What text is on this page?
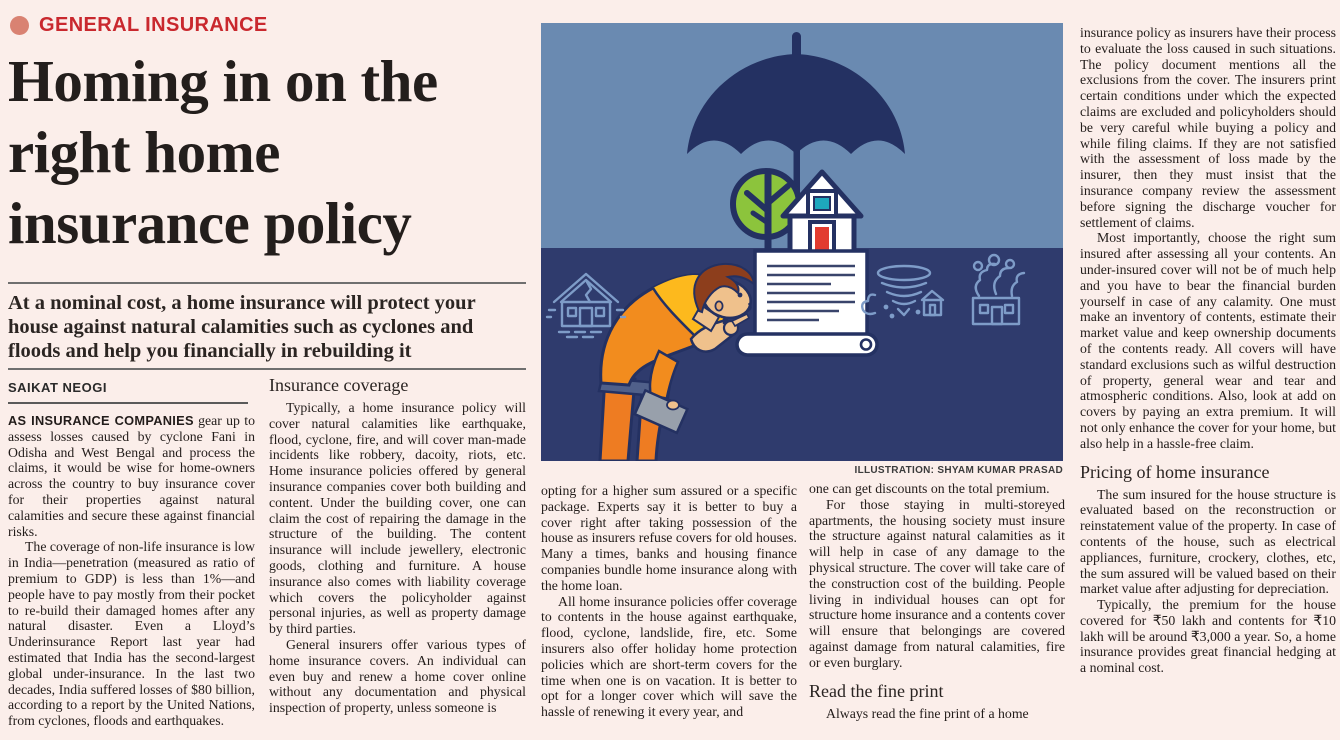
GENERAL INSURANCE
Homing in on the right home insurance policy

At a nominal cost, a home insurance will protect your house against natural calamities such as cyclones and floods and help you financially in rebuilding it

SAIKAT NEOGI

AS INSURANCE COMPANIES gear up to assess losses caused by cyclone Fani in Odisha and West Bengal and process the claims, it would be wise for home-owners across the country to buy insurance cover for their properties against natural calamities and secure these against financial risks.

The coverage of non-life insurance is low in India—penetration (measured as ratio of premium to GDP) is less than 1%—and people have to pay mostly from their pocket to re-build their damaged homes after any natural disaster. Even a Lloyd’s Underinsurance Report last year had estimated that India has the second-largest global under-insurance. In the last two decades, India suffered losses of $80 billion, according to a report by the United Nations, from cyclones, floods and earthquakes.

Insurance coverage

Typically, a home insurance policy will cover natural calamities like earthquake, flood, cyclone, fire, and will cover man-made incidents like robbery, dacoity, riots, etc. Home insurance policies offered by general insurance companies cover both building and content. Under the building cover, one can claim the cost of repairing the damage in the structure of the building. The content insurance will include jewellery, electronic goods, clothing and furniture. A house insurance also comes with liability coverage which covers the policyholder against personal injuries, as well as property damage by third parties.

General insurers offer various types of home insurance covers. An individual can even buy and renew a home cover online without any documentation and physical inspection of property, unless someone is

ILLUSTRATION: SHYAM KUMAR PRASAD

opting for a higher sum assured or a specific package. Experts say it is better to buy a cover right after taking possession of the house as insurers refuse covers for old houses. Many a times, banks and housing finance companies bundle home insurance along with the home loan.

All home insurance policies offer coverage to contents in the house against earthquake, flood, cyclone, landslide, fire, etc. Some insurers also offer holiday home protection policies which are short-term covers for the time when one is on vacation. It is better to opt for a longer cover which will save the hassle of renewing it every year, and

one can get discounts on the total premium.

For those staying in multi-storeyed apartments, the housing society must insure the structure against natural calamities as it will help in case of any damage to the physical structure. The cover will take care of the construction cost of the building. People living in individual houses can opt for structure home insurance and a contents cover will ensure that belongings are covered against damage from natural calamities, fire or even burglary.

Read the fine print

Always read the fine print of a home

insurance policy as insurers have their process to evaluate the loss caused in such situations. The policy document mentions all the exclusions from the cover. The insurers print certain conditions under which the expected claims are excluded and policyholders should be very careful while buying a policy and while filing claims. If they are not satisfied with the assessment of loss made by the insurer, then they must insist that the insurance company review the assessment before signing the discharge voucher for settlement of claims.

Most importantly, choose the right sum insured after assessing all your contents. An under-insured cover will not be of much help and you have to bear the financial burden yourself in case of any calamity. One must make an inventory of contents, estimate their market value and keep ownership documents of the contents ready. All covers will have standard exclusions such as wilful destruction of property, general wear and tear and atmospheric conditions. Also, look at add on covers by paying an extra premium. It will not only enhance the cover for your home, but also help in a hassle-free claim.

Pricing of home insurance

The sum insured for the house structure is evaluated based on the reconstruction or reinstatement value of the property. In case of contents of the house, such as electrical appliances, furniture, crockery, clothes, etc, the sum assured will be valued based on their market value after adjusting for depreciation.

Typically, the premium for the house covered for ₹50 lakh and contents for ₹10 lakh will be around ₹3,000 a year. So, a home insurance provides great financial hedging at a nominal cost.
